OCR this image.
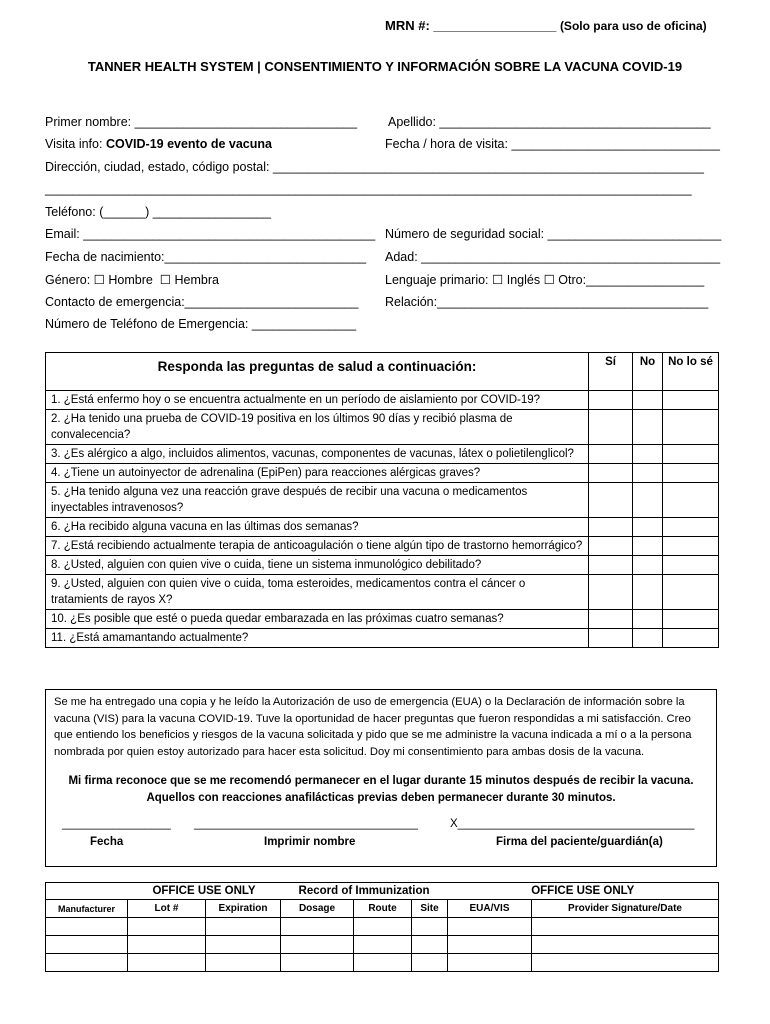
MRN #: _________________ (Solo para uso de oficina)
TANNER HEALTH SYSTEM | CONSENTIMIENTO Y INFORMACIÓN SOBRE LA VACUNA COVID-19
Primer nombre: ________________________________ Apellido: _______________________________________
Visita info: COVID-19 evento de vacuna	Fecha / hora de visita: ______________________________
Dirección, ciudad, estado, código postal: ______________________________________________________________
_____________________________________________________________________________________________
Teléfono: (______) _________________
Email: __________________________________________ Número de seguridad social: _________________________
Fecha de nacimiento:_____________________________ Adad: ___________________________________________
Género: ☐ Hombre ☐ Hembra	Lenguaje primario: ☐ Inglés ☐ Otro:_________________
Contacto de emergencia:_________________________ Relación:_______________________________________
Número de Teléfono de Emergencia: _______________
Responda las preguntas de salud a continuación:	Sí	No	No lo sé
1. ¿Está enfermo hoy o se encuentra actualmente en un período de aislamiento por COVID-19?			
2. ¿Ha tenido una prueba de COVID-19 positiva en los últimos 90 días y recibió plasma de convalecencia?			
3. ¿Es alérgico a algo, incluidos alimentos, vacunas, componentes de vacunas, látex o polietilenglicol?			
4. ¿Tiene un autoinyector de adrenalina (EpiPen) para reacciones alérgicas graves?			
5. ¿Ha tenido alguna vez una reacción grave después de recibir una vacuna o medicamentos inyectables intravenosos?			
6. ¿Ha recibido alguna vacuna en las últimas dos semanas?			
7. ¿Está recibiendo actualmente terapia de anticoagulación o tiene algún tipo de trastorno hemorrágico?			
8. ¿Usted, alguien con quien vive o cuida, tiene un sistema inmunológico debilitado?			
9. ¿Usted, alguien con quien vive o cuida, toma esteroides, medicamentos contra el cáncer o tratamients de rayos X?			
10. ¿Es posible que esté o pueda quedar embarazada en las próximas cuatro semanas?			
11. ¿Está amamantando actualmente?			

Se me ha entregado una copia y he leído la Autorización de uso de emergencia (EUA) o la Declaración de información sobre la vacuna (VIS) para la vacuna COVID-19. Tuve la oportunidad de hacer preguntas que fueron respondidas a mi satisfacción. Creo que entiendo los beneficios y riesgos de la vacuna solicitada y pido que se me administre la vacuna indicada a mí o a la persona nombrada por quien estoy autorizado para hacer esta solicitud. Doy mi consentimiento para ambas dosis de la vacuna.

Mi firma reconoce que se me recomendó permanecer en el lugar durante 15 minutos después de recibir la vacuna.
Aquellos con reacciones anafilácticas previas deben permanecer durante 30 minutos.
_________________ ___________________________________	X_____________________________________
Fecha	Imprimir nombre	Firma del paciente/guardián(a)
	OFFICE USE ONLY		Record of Immunization			OFFICE USE ONLY	
Manufacturer	Lot #	Expiration	Dosage	Route	Site	EUA/VIS	Provider Signature/Date
